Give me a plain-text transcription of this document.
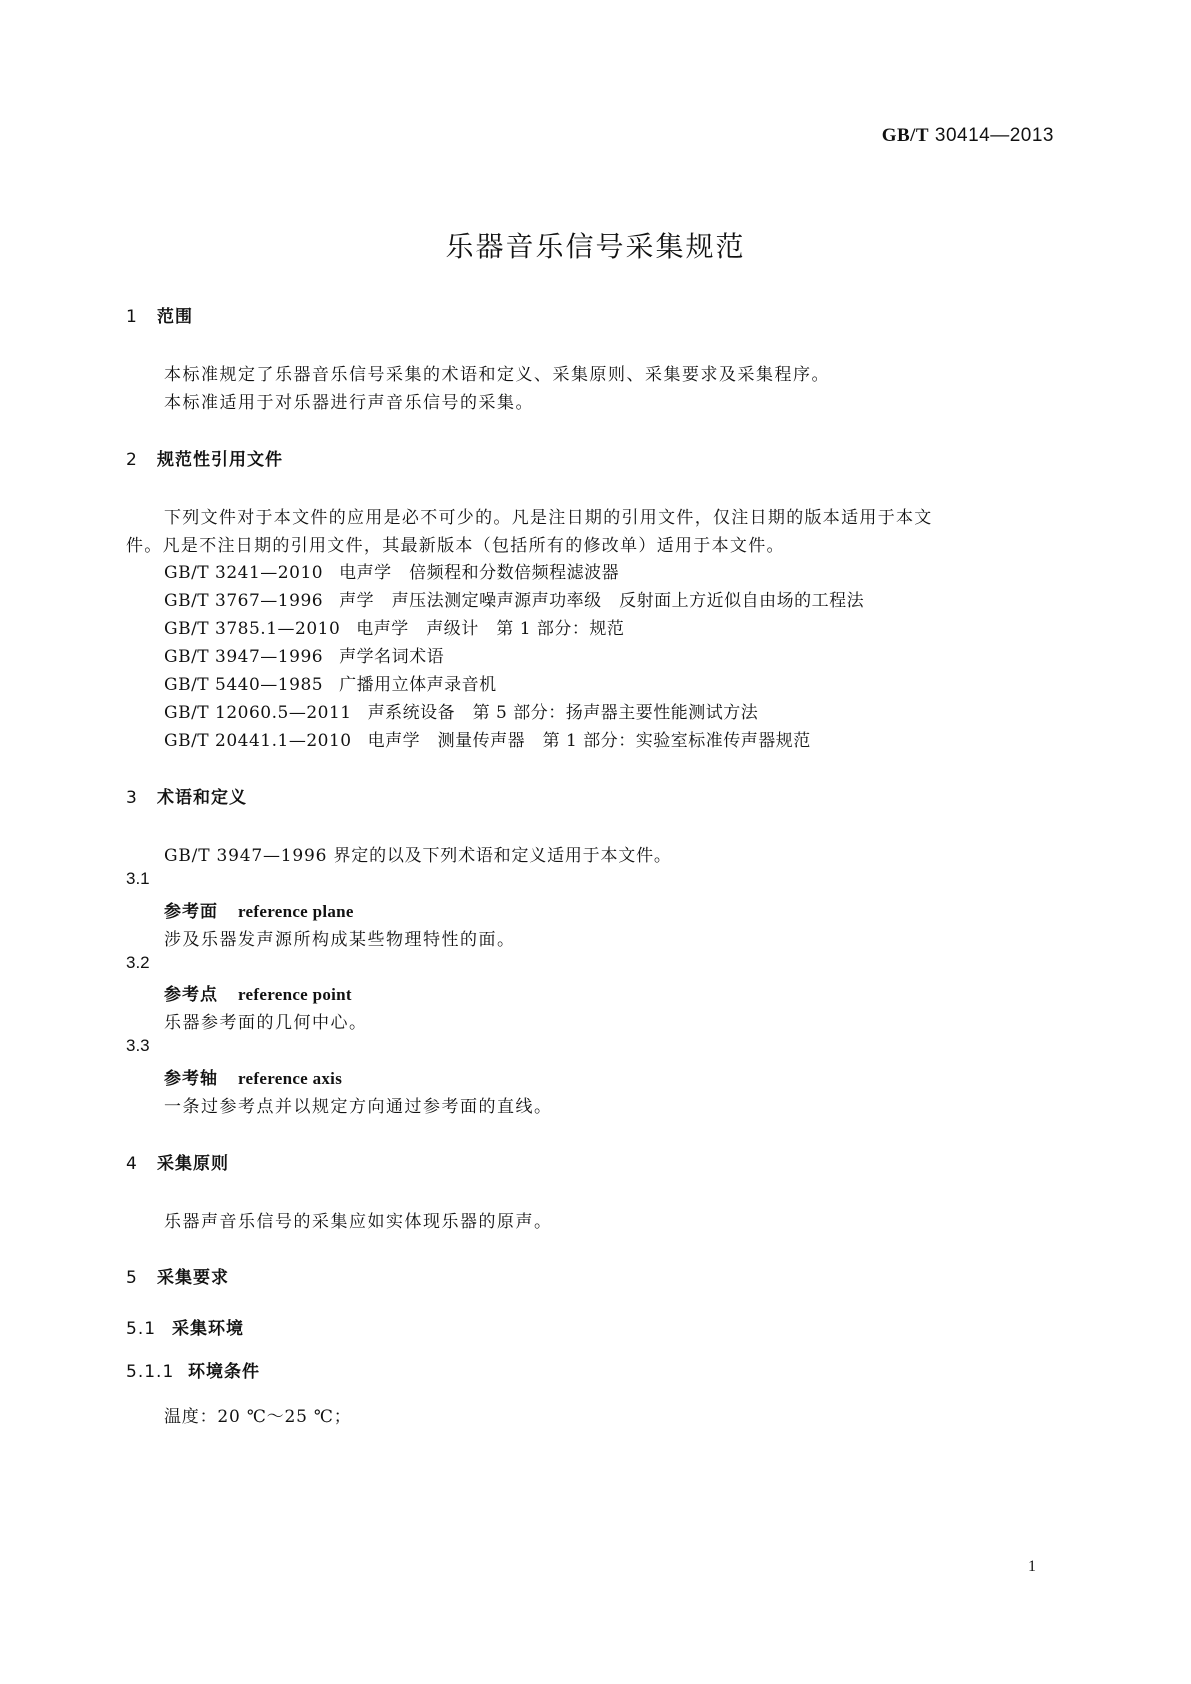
GB/T 30414—2013
乐器音乐信号采集规范
1 范围
本标准规定了乐器音乐信号采集的术语和定义、采集原则、采集要求及采集程序。
本标准适用于对乐器进行声音乐信号的采集。
2 规范性引用文件
下列文件对于本文件的应用是必不可少的。凡是注日期的引用文件，仅注日期的版本适用于本文
件。凡是不注日期的引用文件，其最新版本（包括所有的修改单）适用于本文件。
GB/T 3241—2010 电声学　倍频程和分数倍频程滤波器
GB/T 3767—1996 声学　声压法测定噪声源声功率级　反射面上方近似自由场的工程法
GB/T 3785.1—2010 电声学　声级计　第 1 部分：规范
GB/T 3947—1996 声学名词术语
GB/T 5440—1985 广播用立体声录音机
GB/T 12060.5—2011 声系统设备　第 5 部分：扬声器主要性能测试方法
GB/T 20441.1—2010 电声学　测量传声器　第 1 部分：实验室标准传声器规范
3 术语和定义
GB/T 3947—1996 界定的以及下列术语和定义适用于本文件。
3.1
参考面 reference plane
涉及乐器发声源所构成某些物理特性的面。
3.2
参考点 reference point
乐器参考面的几何中心。
3.3
参考轴 reference axis
一条过参考点并以规定方向通过参考面的直线。
4 采集原则
乐器声音乐信号的采集应如实体现乐器的原声。
5 采集要求
5.1 采集环境
5.1.1 环境条件
温度：20 ℃～25 ℃；
1
